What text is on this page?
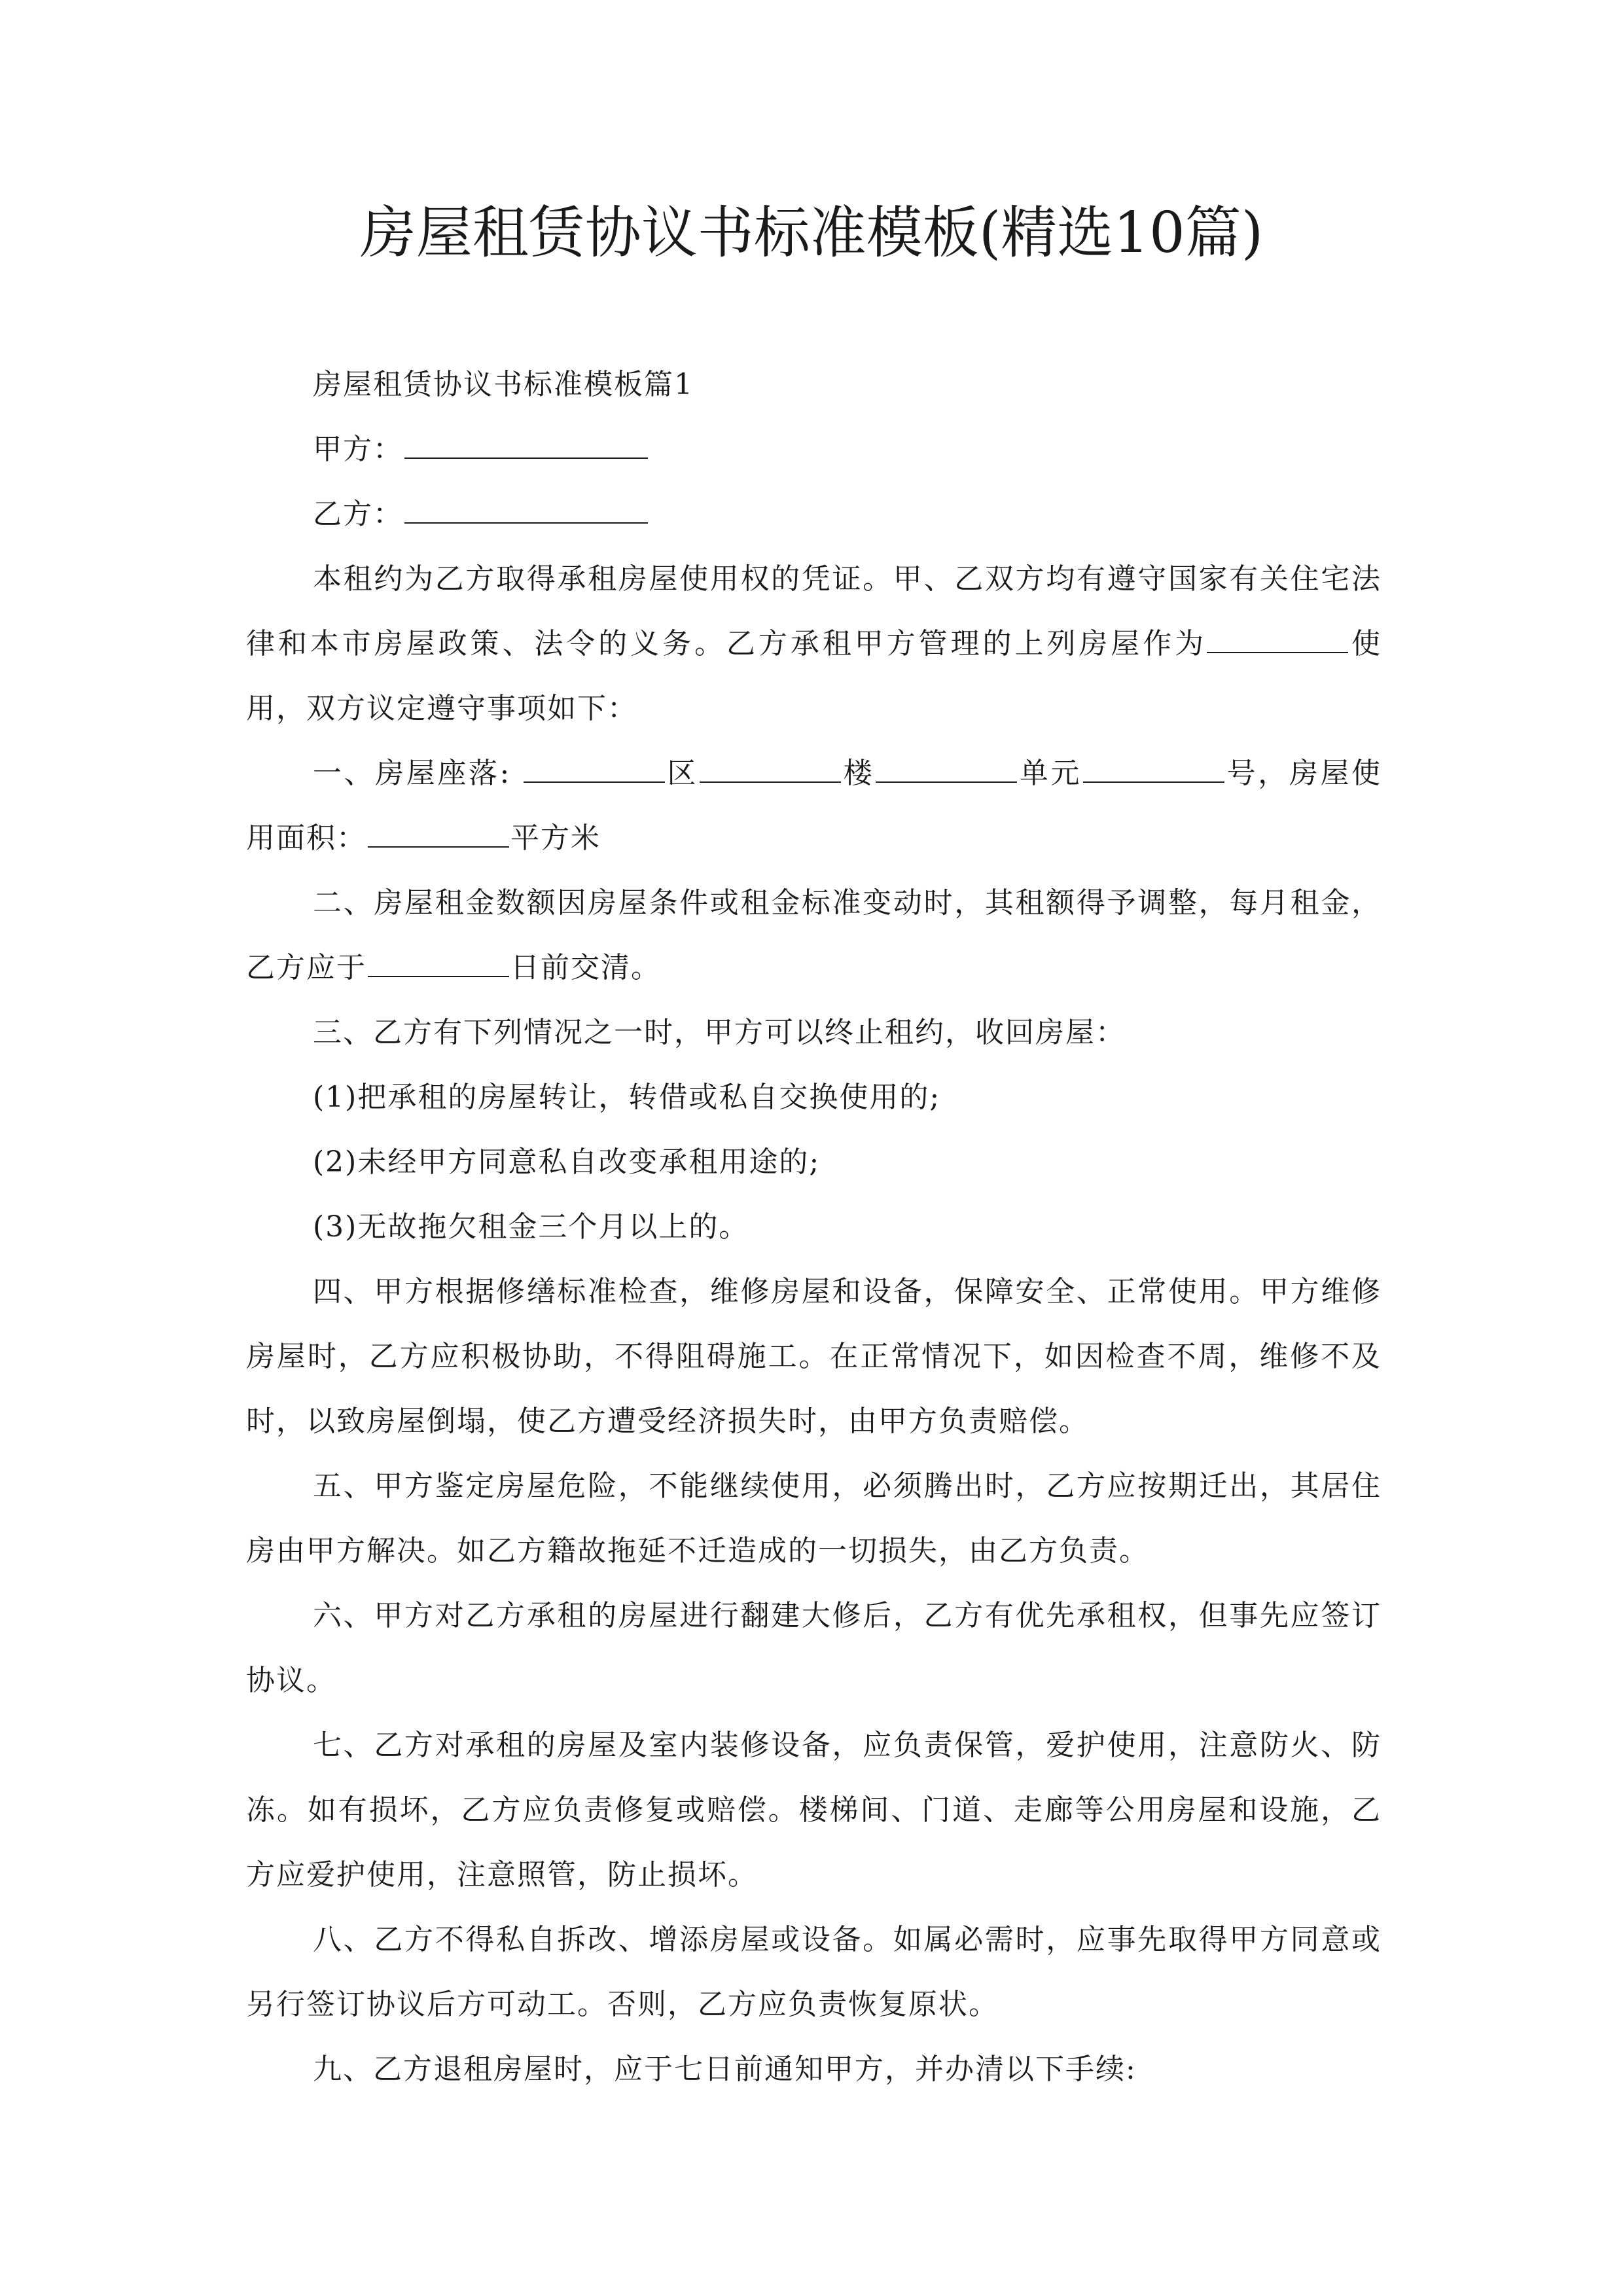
房屋租赁协议书标准模板(精选10篇)

房屋租赁协议书标准模板篇1

甲方：

乙方：

本租约为乙方取得承租房屋使用权的凭证。甲、乙双方均有遵守国家有关住宅法律和本市房屋政策、法令的义务。乙方承租甲方管理的上列房屋作为	使用，双方议定遵守事项如下：

一、房屋座落:	区	楼	单元	号，房屋使用面积：	平方米

二、房屋租金数额因房屋条件或租金标准变动时，其租额得予调整，每月租金，乙方应于	日前交清。

三、乙方有下列情况之一时，甲方可以终止租约，收回房屋：

(1)把承租的房屋转让，转借或私自交换使用的;

(2)未经甲方同意私自改变承租用途的;

(3)无故拖欠租金三个月以上的。

四、甲方根据修缮标准检查，维修房屋和设备，保障安全、正常使用。甲方维修房屋时，乙方应积极协助，不得阻碍施工。在正常情况下，如因检查不周，维修不及时，以致房屋倒塌，使乙方遭受经济损失时，由甲方负责赔偿。

五、甲方鉴定房屋危险，不能继续使用，必须腾出时，乙方应按期迁出，其居住房由甲方解决。如乙方籍故拖延不迁造成的一切损失，由乙方负责。

六、甲方对乙方承租的房屋进行翻建大修后，乙方有优先承租权，但事先应签订协议。

七、乙方对承租的房屋及室内装修设备，应负责保管，爱护使用，注意防火、防冻。如有损坏，乙方应负责修复或赔偿。楼梯间、门道、走廊等公用房屋和设施，乙方应爱护使用，注意照管，防止损坏。

八、乙方不得私自拆改、增添房屋或设备。如属必需时，应事先取得甲方同意或另行签订协议后方可动工。否则，乙方应负责恢复原状。

九、乙方退租房屋时，应于七日前通知甲方，并办清以下手续:
